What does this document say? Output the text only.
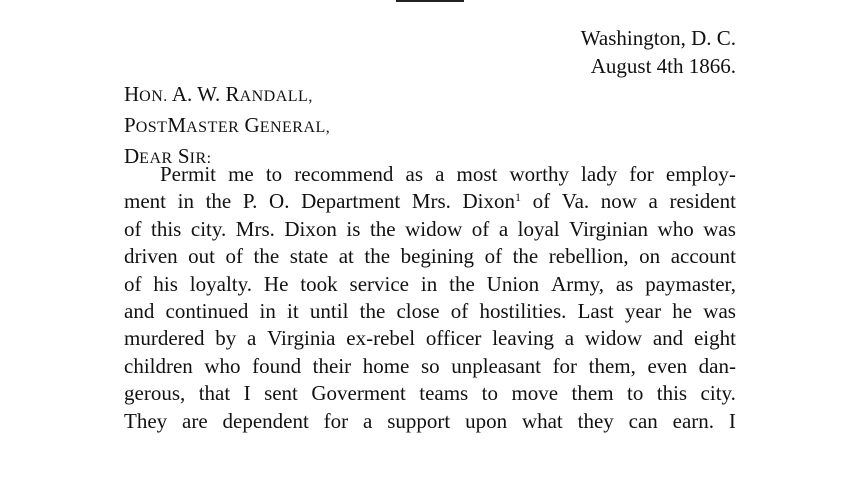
Washington, D. C.
August 4th 1866.
HON. A. W. RANDALL,
POSTMASTER GENERAL,
DEAR SIR:
Permit me to recommend as a most worthy lady for employ-
ment in the P. O. Department Mrs. Dixon$^1$ of Va. now a resident
of this city. Mrs. Dixon is the widow of a loyal Virginian who was
driven out of the state at the begining of the rebellion, on account
of his loyalty. He took service in the Union Army, as paymaster,
and continued in it until the close of hostilities. Last year he was
murdered by a Virginia ex-rebel officer leaving a widow and eight
children who found their home so unpleasant for them, even dan-
gerous, that I sent Goverment teams to move them to this city.
They are dependent for a support upon what they can earn. I
